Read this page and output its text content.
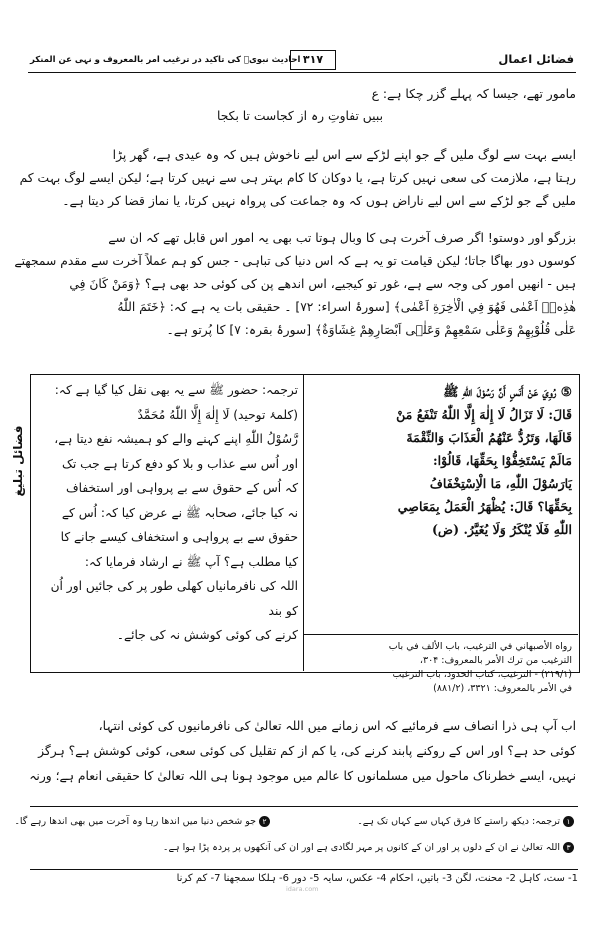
فضائل اعمال
۳۱۷
احادیث نبویؐ کی تاکید در ترغیب امر بالمعروف و نہی عن المنکر
مامور تھے، جیسا کہ پہلے گزر چکا ہے: ع
ببیں تفاوتِ رہ از کجاست تا بکجا
ایسے بہت سے لوگ ملیں گے جو اپنے لڑکے سے اس لیے ناخوش ہیں کہ وہ عیدی ہے، گھر پڑا
رہتا ہے، ملازمت کی سعی نہیں کرتا ہے، یا دوکان کا کام بہتر ہی سے نہیں کرتا ہے؛ لیکن ایسے لوگ بہت کم
ملیں گے جو لڑکے سے اس لیے ناراض ہوں کہ وہ جماعت کی پرواہ نہیں کرتا، یا نماز قضا کر دیتا ہے۔
بزرگو اور دوستو! اگر صرف آخرت ہی کا وبال ہوتا تب بھی یہ امور اس قابل تھے کہ ان سے
کوسوں دور بھاگا جاتا؛ لیکن قیامت تو یہ ہے کہ اس دنیا کی تباہی - جس کو ہم عملاً آخرت سے مقدم سمجھتے
ہیں - انھیں امور کی وجہ سے ہے، غور تو کیجیے، اس اندھے پن کی کوئی حد بھی ہے؟ ﴿وَمَنْ كَانَ فِي
هٰذِهٖۤ اَعْمٰى فَهُوَ فِي الْاٰخِرَةِ اَعْمٰى﴾ [سورۂ اسراء: ۷۲] ۔ حقیقی بات یہ ہے کہ: ﴿خَتَمَ اللّٰهُ
عَلٰى قُلُوْبِهِمْ وَعَلٰى سَمْعِهِمْ وَعَلٰۤى اَبْصَارِهِمْ غِشَاوَةٌ﴾ [سورۂ بقرہ: ۷] کا پُرتو ہے۔
⑤ رُوِيَ عَنْ أَنَسٍ أَنَّ رَسُوْلَ اللّٰهِ ﷺ
قَالَ: لَا تَزَالُ لَا إِلٰهَ إِلَّا اللّٰهُ تَنْفَعُ مَنْ
قَالَهَا، وَتَرُدُّ عَنْهُمُ الْعَذَابَ وَالنِّقْمَةَ
مَالَمْ يَسْتَخِفُّوْا بِحَقِّهَا، قَالُوْا:
يَارَسُوْلَ اللّٰهِ، مَا الْاِسْتِخْفَافُ
بِحَقِّهَا؟ قَالَ: يُظْهَرُ الْعَمَلُ بِمَعَاصِي
اللّٰهِ فَلَا يُنْكَرُ وَلَا يُغَيَّرُ. (ض)
رواه الأصبهاني في الترغيب، باب الألف في باب
الترغيب من ترك الأمر بالمعروف: ۳۰۴،
(۲۱۹/۱) - الترغيب، كتاب الحدود، باب الترغيب
في الأمر بالمعروف: ۳۳۲۱، (۸۸۱/۲)
ترجمہ: حضور ﷺ سے یہ بھی نقل کیا گیا ہے کہ:
(کلمۂ توحید) لَا إِلٰهَ إِلَّا اللّٰهُ مُحَمَّدٌ
رَّسُوْلُ اللّٰهِ اپنے کہنے والے کو ہمیشہ نفع دیتا ہے،
اور اُس سے عذاب و بلا کو دفع کرتا ہے جب تک
کہ اُس کے حقوق سے بے پرواہی اور استخفاف
نہ کیا جائے، صحابہ ﷺ نے عرض کیا کہ: اُس کے
حقوق سے بے پرواہی و استخفاف کیسے جانے کا
کیا مطلب ہے؟ آپ ﷺ نے ارشاد فرمایا کہ:
اللہ کی نافرمانیاں کھلی طور پر کی جائیں اور اُن کو بند
کرنے کی کوئی کوشش نہ کی جائے۔
فضائل تبلیغ
اب آپ ہی ذرا انصاف سے فرمائیے کہ اس زمانے میں اللہ تعالیٰ کی نافرمانیوں کی کوئی انتہا،
کوئی حد ہے؟ اور اس کے روکنے پابند کرنے کی، یا کم از کم تقلیل کی کوئی سعی، کوئی کوشش ہے؟ ہرگز
نہیں، ایسے خطرناک ماحول میں مسلمانوں کا عالم میں موجود ہونا ہی اللہ تعالیٰ کا حقیقی انعام ہے؛ ورنہ
۱ترجمہ: دیکھ راستے کا فرق کہاں سے کہاں تک ہے۔
۲جو شخص دنیا میں اندھا رہا وہ آخرت میں بھی اندھا رہے گا۔
۳اللہ تعالیٰ نے ان کے دلوں پر اور ان کے کانوں پر مہر لگادی ہے اور ان کی آنکھوں پر پردہ پڑا ہوا ہے۔
1- ست، کاہل 2- محنت، لگن 3- باتیں، احکام 4- عکس، سایہ 5- دور 6- ہلکا سمجھنا 7- کم کرنا
idara.com
